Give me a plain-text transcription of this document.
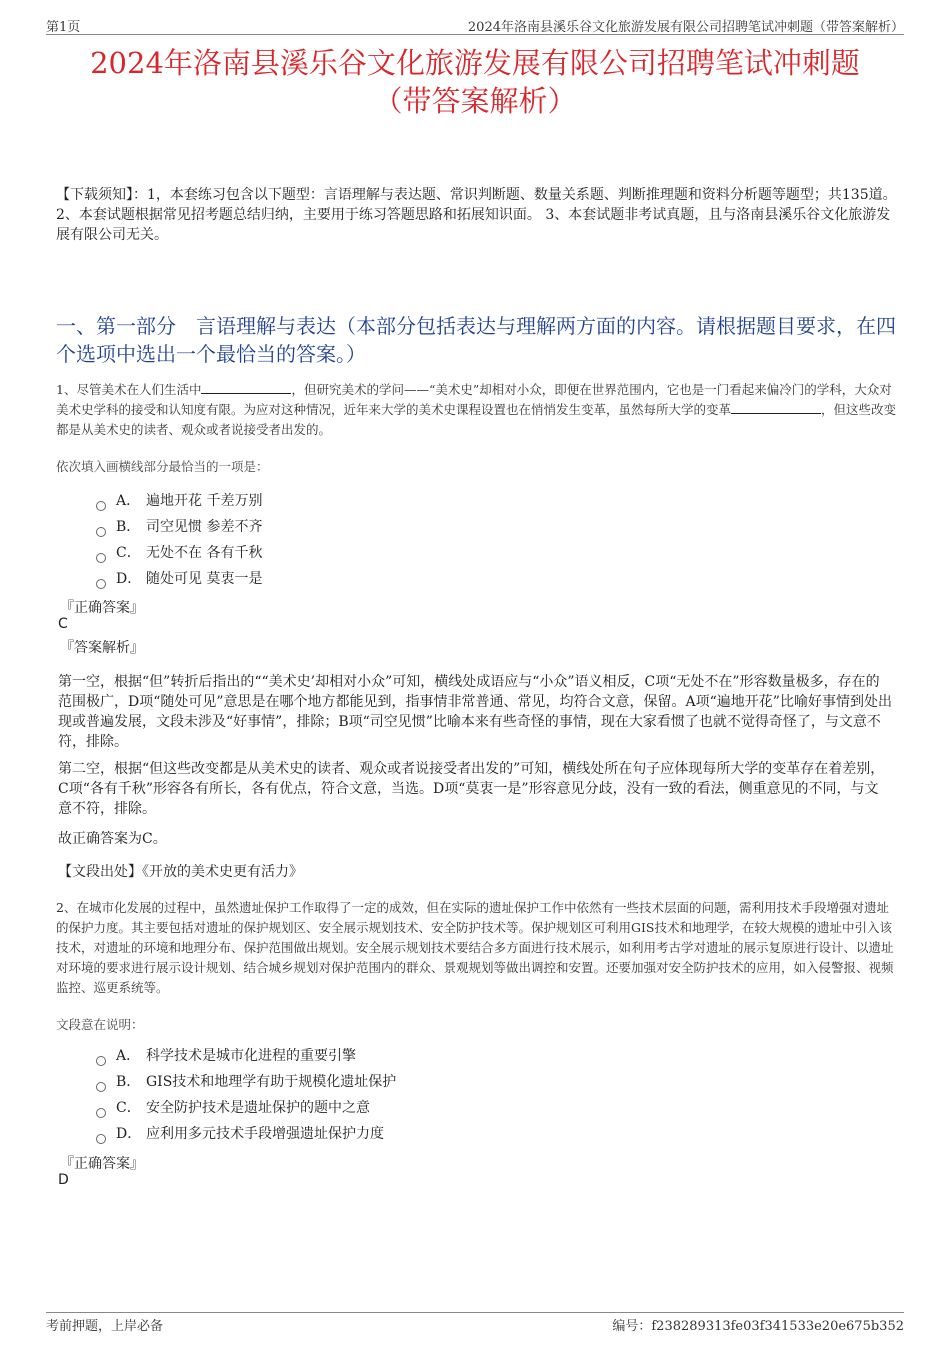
第1页	2024年洛南县溪乐谷文化旅游发展有限公司招聘笔试冲刺题（带答案解析）
2024年洛南县溪乐谷文化旅游发展有限公司招聘笔试冲刺题
（带答案解析）
【下载须知】：1，本套练习包含以下题型：言语理解与表达题、常识判断题、数量关系题、判断推理题和资料分析题等题型；共135道。 2、本套试题根据常见招考题总结归纳，主要用于练习答题思路和拓展知识面。 3、本套试题非考试真题，且与洛南县溪乐谷文化旅游发展有限公司无关。
一、第一部分　言语理解与表达（本部分包括表达与理解两方面的内容。请根据题目要求，在四个选项中选出一个最恰当的答案。）
1、尽管美术在人们生活中	，但研究美术的学问——“美术史”却相对小众，即便在世界范围内，它也是一门看起来偏冷门的学科，大众对美术史学科的接受和认知度有限。为应对这种情况，近年来大学的美术史课程设置也在悄悄发生变革，虽然每所大学的变革	，但这些改变都是从美术史的读者、观众或者说接受者出发的。
依次填入画横线部分最恰当的一项是：
A． 遍地开花 千差万别
B． 司空见惯 参差不齐
C． 无处不在 各有千秋
D． 随处可见 莫衷一是
『正确答案』
C
『答案解析』
第一空，根据“但”转折后指出的““美术史’却相对小众”可知，横线处成语应与“小众”语义相反，C项“无处不在”形容数量极多，存在的范围极广，D项“随处可见”意思是在哪个地方都能见到，指事情非常普通、常见，均符合文意，保留。A项“遍地开花”比喻好事情到处出现或普遍发展，文段未涉及“好事情”，排除；B项“司空见惯”比喻本来有些奇怪的事情，现在大家看惯了也就不觉得奇怪了，与文意不符，排除。
第二空，根据“但这些改变都是从美术史的读者、观众或者说接受者出发的”可知，横线处所在句子应体现每所大学的变革存在着差别，C项“各有千秋”形容各有所长，各有优点，符合文意，当选。D项“莫衷一是”形容意见分歧，没有一致的看法，侧重意见的不同，与文意不符，排除。
故正确答案为C。
【文段出处】《开放的美术史更有活力》
2、在城市化发展的过程中，虽然遗址保护工作取得了一定的成效，但在实际的遗址保护工作中依然有一些技术层面的问题，需利用技术手段增强对遗址的保护力度。其主要包括对遗址的保护规划区、安全展示规划技术、安全防护技术等。保护规划区可利用GIS技术和地理学，在较大规模的遗址中引入该技术，对遗址的环境和地理分布、保护范围做出规划。安全展示规划技术要结合多方面进行技术展示，如利用考古学对遗址的展示复原进行设计、以遗址对环境的要求进行展示设计规划、结合城乡规划对保护范围内的群众、景观规划等做出调控和安置。还要加强对安全防护技术的应用，如入侵警报、视频监控、巡更系统等。
文段意在说明：
A． 科学技术是城市化进程的重要引擎
B． GIS技术和地理学有助于规模化遗址保护
C． 安全防护技术是遗址保护的题中之意
D． 应利用多元技术手段增强遗址保护力度
『正确答案』
D
考前押题，上岸必备	编号：f238289313fe03f341533e20e675b352
